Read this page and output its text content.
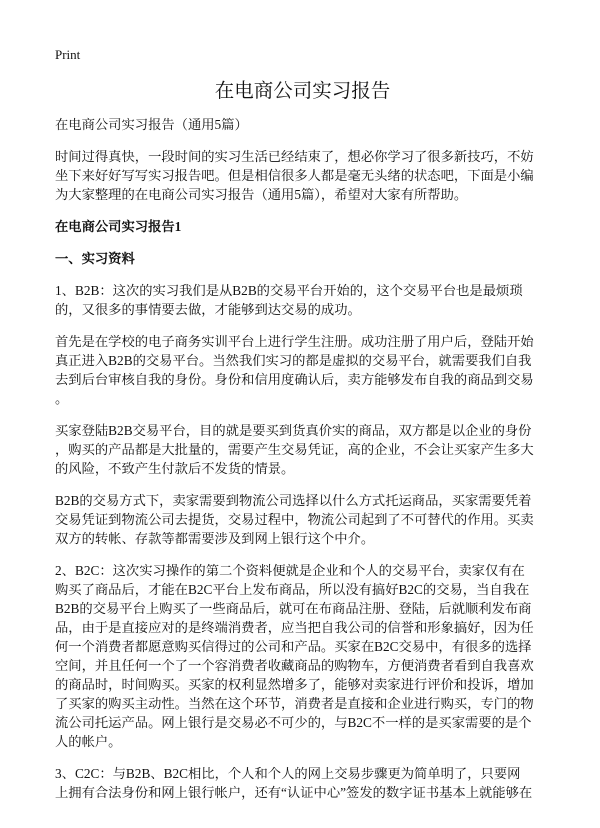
Print
在电商公司实习报告
在电商公司实习报告（通用5篇）
时间过得真快，一段时间的实习生活已经结束了，想必你学习了很多新技巧，不妨
坐下来好好写写实习报告吧。但是相信很多人都是毫无头绪的状态吧，下面是小编
为大家整理的在电商公司实习报告（通用5篇），希望对大家有所帮助。
在电商公司实习报告1
一、实习资料
1、B2B：这次的实习我们是从B2B的交易平台开始的，这个交易平台也是最烦琐
的，又很多的事情要去做，才能够到达交易的成功。
首先是在学校的电子商务实训平台上进行学生注册。成功注册了用户后，登陆开始
真正进入B2B的交易平台。当然我们实习的都是虚拟的交易平台，就需要我们自我
去到后台审核自我的身份。身份和信用度确认后，卖方能够发布自我的商品到交易
。
买家登陆B2B交易平台，目的就是要买到货真价实的商品，双方都是以企业的身份
，购买的产品都是大批量的，需要产生交易凭证，高的企业，不会让买家产生多大
的风险，不致产生付款后不发货的情景。
B2B的交易方式下，卖家需要到物流公司选择以什么方式托运商品，买家需要凭着
交易凭证到物流公司去提货，交易过程中，物流公司起到了不可替代的作用。买卖
双方的转帐、存款等都需要涉及到网上银行这个中介。
2、B2C：这次实习操作的第二个资料便就是企业和个人的交易平台，卖家仅有在
购买了商品后，才能在B2C平台上发布商品，所以没有搞好B2C的交易，当自我在
B2B的交易平台上购买了一些商品后，就可在布商品注册、登陆，后就顺利发布商
品，由于是直接应对的是终端消费者，应当把自我公司的信誉和形象搞好，因为任
何一个消费者都愿意购买信得过的公司和产品。买家在B2C交易中，有很多的选择
空间，并且任何一个了一个容消费者收藏商品的购物车，方便消费者看到自我喜欢
的商品时，时间购买。买家的权利显然增多了，能够对卖家进行评价和投诉，增加
了买家的购买主动性。当然在这个环节，消费者是直接和企业进行购买，专门的物
流公司托运产品。网上银行是交易必不可少的，与B2C不一样的是买家需要的是个
人的帐户。
3、C2C：与B2B、B2C相比，个人和个人的网上交易步骤更为简单明了，只要网
上拥有合法身份和网上银行帐户，还有“认证中心”签发的数字证书基本上就能够在
